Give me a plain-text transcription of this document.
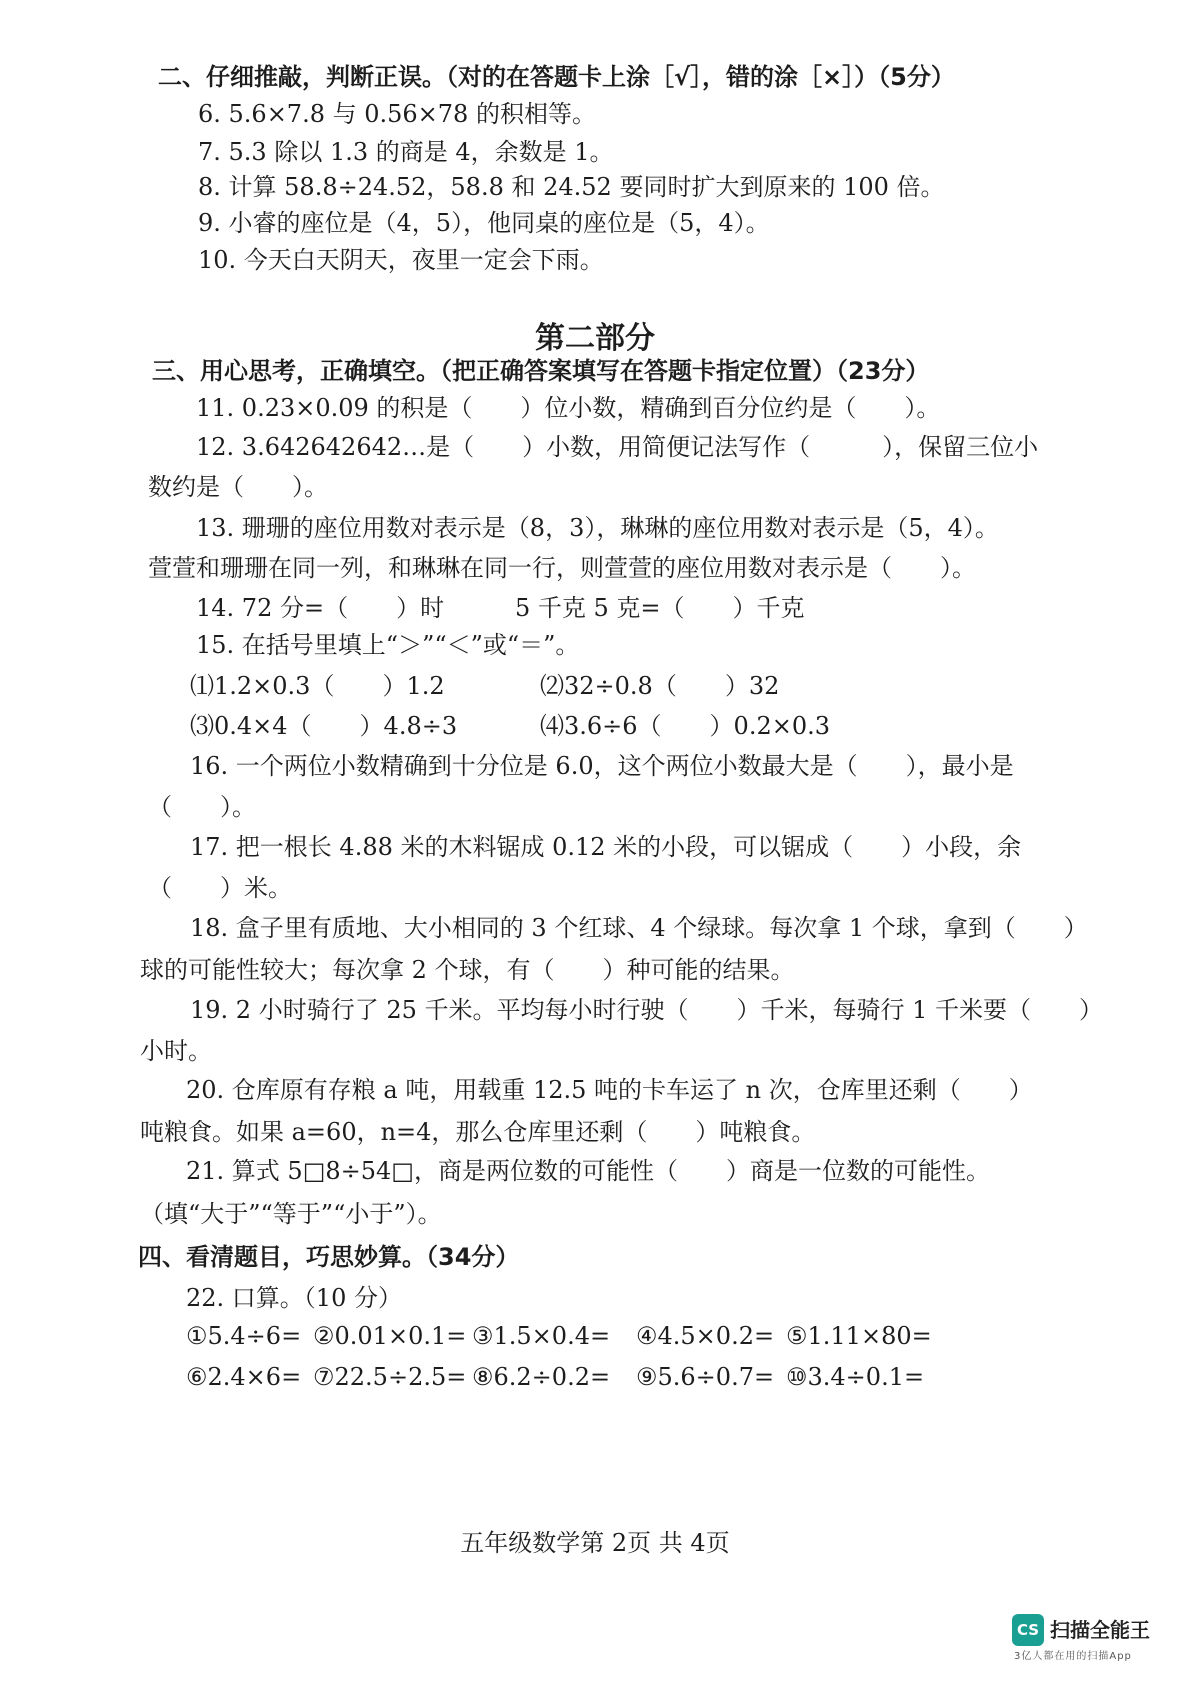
二、仔细推敲，判断正误。（对的在答题卡上涂［√］，错的涂［×］）（5分）
6. 5.6×7.8 与 0.56×78 的积相等。
7. 5.3 除以 1.3 的商是 4，余数是 1。
8. 计算 58.8÷24.52，58.8 和 24.52 要同时扩大到原来的 100 倍。
9. 小睿的座位是（4，5），他同桌的座位是（5，4）。
10. 今天白天阴天，夜里一定会下雨。
第二部分
三、用心思考，正确填空。（把正确答案填写在答题卡指定位置）（23分）
11. 0.23×0.09 的积是（　　）位小数，精确到百分位约是（　　）。
12. 3.642642642…是（　　）小数，用简便记法写作（　　　），保留三位小
数约是（　　）。
13. 珊珊的座位用数对表示是（8，3），琳琳的座位用数对表示是（5，4）。
萱萱和珊珊在同一列，和琳琳在同一行，则萱萱的座位用数对表示是（　　）。
14. 72 分=（　　）时	5 千克 5 克=（　　）千克
15. 在括号里填上“＞”“＜”或“＝”。
⑴1.2×0.3（　　）1.2	⑵32÷0.8（　　）32
⑶0.4×4（　　）4.8÷3	⑷3.6÷6（　　）0.2×0.3
16. 一个两位小数精确到十分位是 6.0，这个两位小数最大是（　　），最小是
（　　）。
17. 把一根长 4.88 米的木料锯成 0.12 米的小段，可以锯成（　　）小段，余
（　　）米。
18. 盒子里有质地、大小相同的 3 个红球、4 个绿球。每次拿 1 个球，拿到（　　）
球的可能性较大；每次拿 2 个球，有（　　）种可能的结果。
19. 2 小时骑行了 25 千米。平均每小时行驶（　　）千米，每骑行 1 千米要（　　）
小时。
20. 仓库原有存粮 a 吨，用载重 12.5 吨的卡车运了 n 次，仓库里还剩（　　）
吨粮食。如果 a=60，n=4，那么仓库里还剩（　　）吨粮食。
21. 算式 5□8÷54□，商是两位数的可能性（　　）商是一位数的可能性。
（填“大于”“等于”“小于”）。
四、看清题目，巧思妙算。（34分）
22. 口算。（10 分）
①5.4÷6= ②0.01×0.1= ③1.5×0.4= ④4.5×0.2= ⑤1.11×80=
⑥2.4×6= ⑦22.5÷2.5= ⑧6.2÷0.2= ⑨5.6÷0.7= ⑩3.4÷0.1=
五年级数学第 2页 共 4页
CS 扫描全能王
3亿人都在用的扫描App
